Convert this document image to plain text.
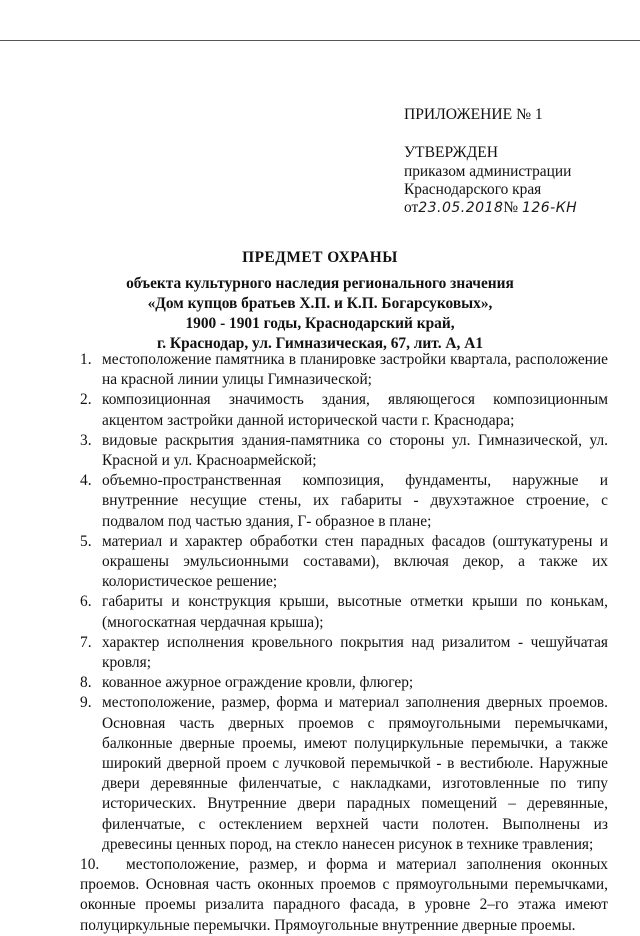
ПРИЛОЖЕНИЕ № 1
УТВЕРЖДЕН
приказом администрации
Краснодарского края
от23.05.2018№ 126-КН
ПРЕДМЕТ ОХРАНЫ
объекта культурного наследия регионального значения
«Дом купцов братьев Х.П. и К.П. Богарсуковых»,
1900 - 1901 годы, Краснодарский край,
г. Краснодар, ул. Гимназическая, 67, лит. А, А1
1. местоположение памятника в планировке застройки квартала, расположение на красной линии улицы Гимназической;
2. композиционная значимость здания, являющегося композиционным акцентом застройки данной исторической части г. Краснодара;
3. видовые раскрытия здания-памятника со стороны ул. Гимназической, ул. Красной и ул. Красноармейской;
4. объемно-пространственная композиция, фундаменты, наружные и внутренние несущие стены, их габариты - двухэтажное строение, с подвалом под частью здания, Г- образное в плане;
5. материал и характер обработки стен парадных фасадов (оштукатурены и окрашены эмульсионными составами), включая декор, а также их колористическое решение;
6. габариты и конструкция крыши, высотные отметки крыши по конькам, (многоскатная чердачная крыша);
7. характер исполнения кровельного покрытия над ризалитом - чешуйчатая кровля;
8. кованное ажурное ограждение кровли, флюгер;
9. местоположение, размер, форма и материал заполнения дверных проемов. Основная часть дверных проемов с прямоугольными перемычками, балконные дверные проемы, имеют полуциркульные перемычки, а также широкий дверной проем с лучковой перемычкой - в вестибюле. Наружные двери деревянные филенчатые, с накладками, изготовленные по типу исторических. Внутренние двери парадных помещений – деревянные, филенчатые, с остеклением верхней части полотен. Выполнены из древесины ценных пород, на стекло нанесен рисунок в технике травления;
10.	местоположение, размер, и форма и материал заполнения оконных проемов. Основная часть оконных проемов с прямоугольными перемычками, оконные проемы ризалита парадного фасада, в уровне 2–го этажа имеют полуциркульные перемычки. Прямоугольные внутренние дверные проемы.
